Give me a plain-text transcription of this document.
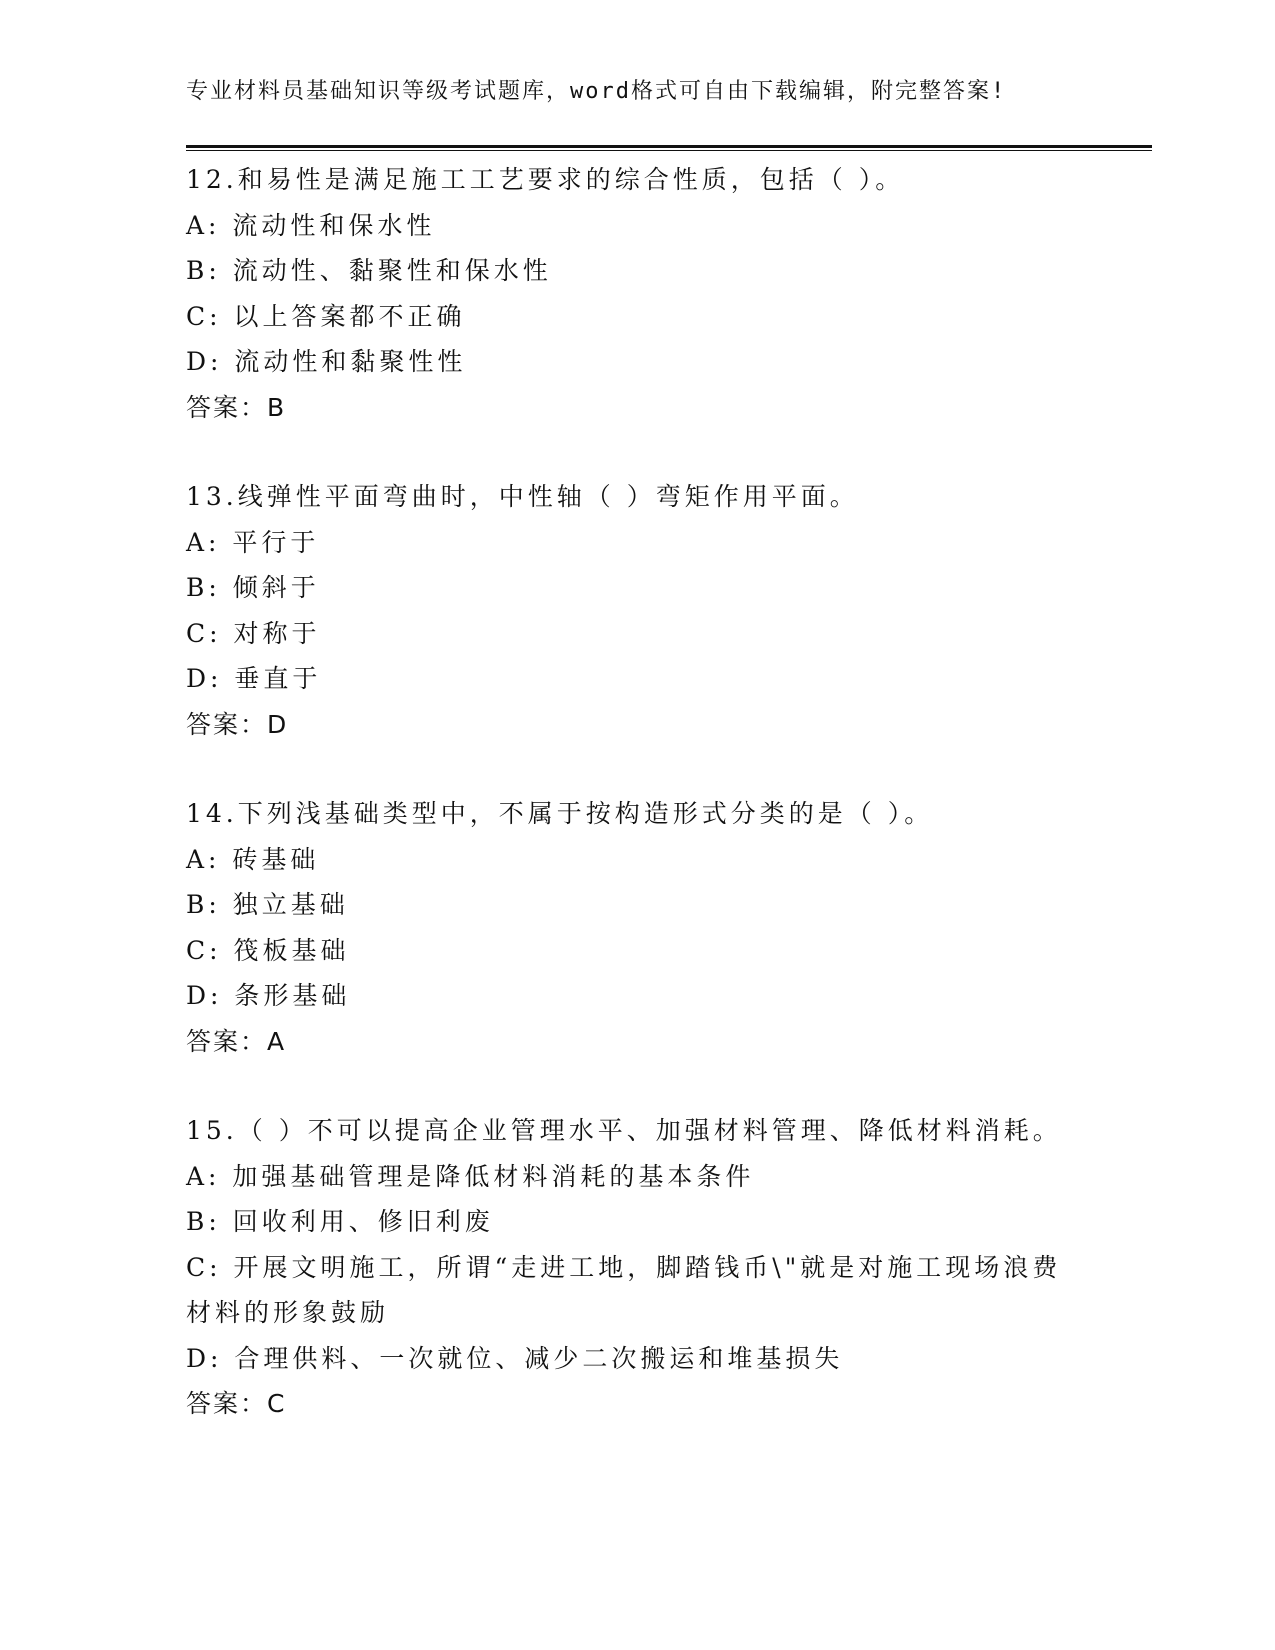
专业材料员基础知识等级考试题库，word格式可自由下载编辑，附完整答案!
12.和易性是满足施工工艺要求的综合性质，包括（ ）。
A: 流动性和保水性
B: 流动性、黏聚性和保水性
C: 以上答案都不正确
D: 流动性和黏聚性性
答案：B
13.线弹性平面弯曲时，中性轴（ ）弯矩作用平面。
A: 平行于
B: 倾斜于
C: 对称于
D: 垂直于
答案：D
14.下列浅基础类型中，不属于按构造形式分类的是（ ）。
A: 砖基础
B: 独立基础
C: 筏板基础
D: 条形基础
答案：A
15.（ ）不可以提高企业管理水平、加强材料管理、降低材料消耗。
A: 加强基础管理是降低材料消耗的基本条件
B: 回收利用、修旧利废
C: 开展文明施工，所谓“走进工地，脚踏钱币\"就是对施工现场浪费材料的形象鼓励
D: 合理供料、一次就位、减少二次搬运和堆基损失
答案：C
